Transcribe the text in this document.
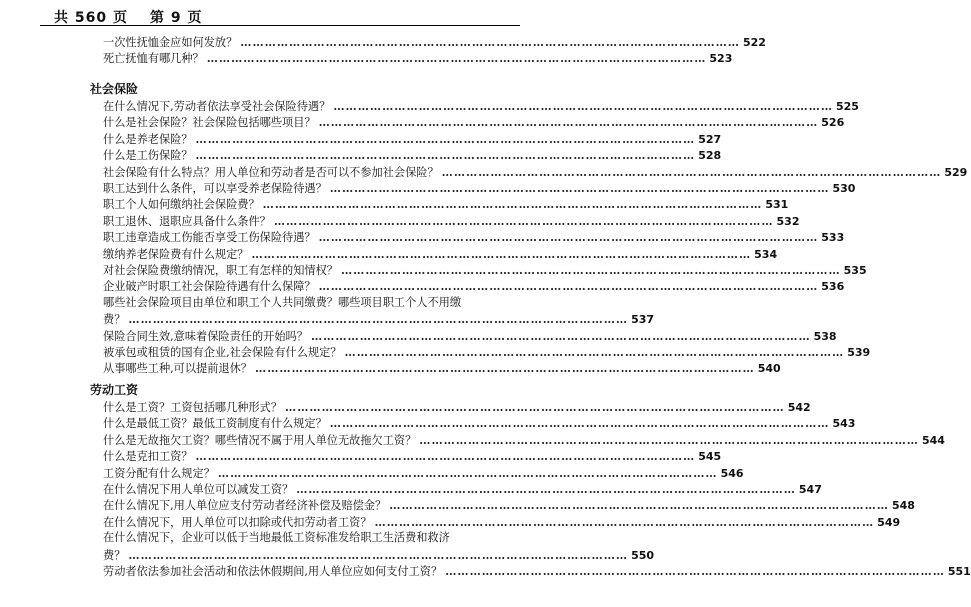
共 560 页 第 9 页
一次性抚恤金应如何发放？ …………………………………………………………………………………………………………… 522
死亡抚恤有哪几种？ …………………………………………………………………………………………………………… 523
社会保险
在什么情况下,劳动者依法享受社会保险待遇？ …………………………………………………………………………………………………………… 525
什么是社会保险？社会保险包括哪些项目？ …………………………………………………………………………………………………………… 526
什么是养老保险？ …………………………………………………………………………………………………………… 527
什么是工伤保险？ …………………………………………………………………………………………………………… 528
社会保险有什么特点？用人单位和劳动者是否可以不参加社会保险？ …………………………………………………………………………………………………………… 529
职工达到什么条件，可以享受养老保险待遇？ …………………………………………………………………………………………………………… 530
职工个人如何缴纳社会保险费？ …………………………………………………………………………………………………………… 531
职工退休、退职应具备什么条件？ …………………………………………………………………………………………………………… 532
职工违章造成工伤能否享受工伤保险待遇？ …………………………………………………………………………………………………………… 533
缴纳养老保险费有什么规定？ …………………………………………………………………………………………………………… 534
对社会保险费缴纳情况，职工有怎样的知情权？ …………………………………………………………………………………………………………… 535
企业破产时职工社会保险待遇有什么保障？ …………………………………………………………………………………………………………… 536
哪些社会保险项目由单位和职工个人共同缴费？哪些项目职工个人不用缴
费？ …………………………………………………………………………………………………………… 537
保险合同生效,意味着保险责任的开始吗？ …………………………………………………………………………………………………………… 538
被承包或租赁的国有企业,社会保险有什么规定？ …………………………………………………………………………………………………………… 539
从事哪些工种,可以提前退休？ …………………………………………………………………………………………………………… 540
劳动工资
什么是工资？工资包括哪几种形式？ …………………………………………………………………………………………………………… 542
什么是最低工资？最低工资制度有什么规定？ …………………………………………………………………………………………………………… 543
什么是无故拖欠工资？哪些情况不属于用人单位无故拖欠工资？ …………………………………………………………………………………………………………… 544
什么是克扣工资？ …………………………………………………………………………………………………………… 545
工资分配有什么规定？ …………………………………………………………………………………………………………… 546
在什么情况下用人单位可以减发工资？ …………………………………………………………………………………………………………… 547
在什么情况下,用人单位应支付劳动者经济补偿及赔偿金？ …………………………………………………………………………………………………………… 548
在什么情况下，用人单位可以扣除或代扣劳动者工资？ …………………………………………………………………………………………………………… 549
在什么情况下，企业可以低于当地最低工资标准发给职工生活费和救济
费？ …………………………………………………………………………………………………………… 550
劳动者依法参加社会活动和依法休假期间,用人单位应如何支付工资？ …………………………………………………………………………………………………………… 551
